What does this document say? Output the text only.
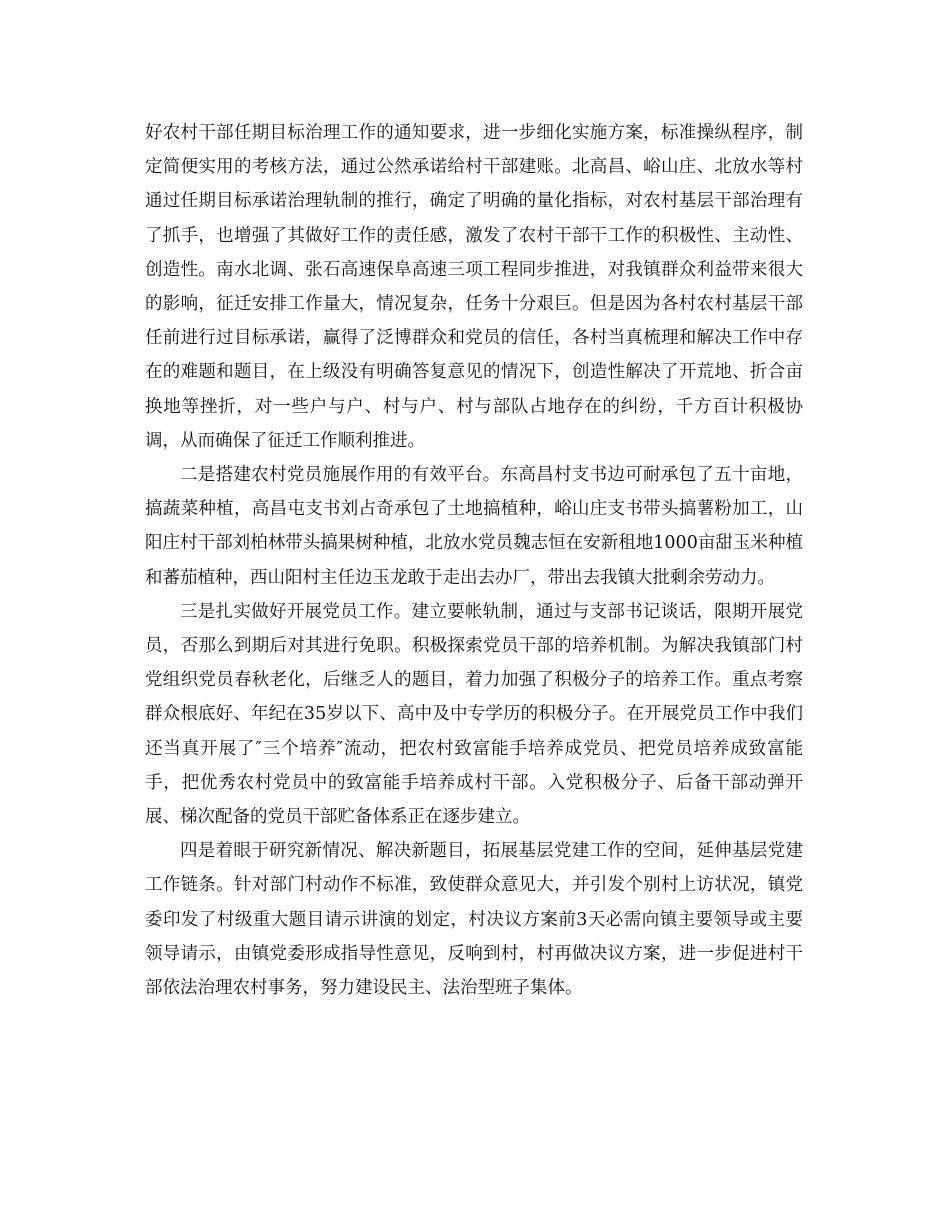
好农村干部任期目标治理工作的通知要求，进一步细化实施方案，标准操纵程序，制定简便实用的考核方法，通过公然承诺给村干部建账。北高昌、峪山庄、北放水等村通过任期目标承诺治理轨制的推行，确定了明确的量化指标，对农村基层干部治理有了抓手，也增强了其做好工作的责任感，激发了农村干部干工作的积极性、主动性、创造性。南水北调、张石高速保阜高速三项工程同步推进，对我镇群众利益带来很大的影响，征迁安排工作量大，情况复杂，任务十分艰巨。但是因为各村农村基层干部任前进行过目标承诺，赢得了泛博群众和党员的信任，各村当真梳理和解决工作中存在的难题和题目，在上级没有明确答复意见的情况下，创造性解决了开荒地、折合亩换地等挫折，对一些户与户、村与户、村与部队占地存在的纠纷，千方百计积极协调，从而确保了征迁工作顺利推进。

二是搭建农村党员施展作用的有效平台。东高昌村支书边可耐承包了五十亩地，搞蔬菜种植，高昌屯支书刘占奇承包了土地搞植种，峪山庄支书带头搞薯粉加工，山阳庄村干部刘柏林带头搞果树种植，北放水党员魏志恒在安新租地1000亩甜玉米种植和蕃茄植种，西山阳村主任边玉龙敢于走出去办厂，带出去我镇大批剩余劳动力。

三是扎实做好开展党员工作。建立要帐轨制，通过与支部书记谈话，限期开展党员，否那么到期后对其进行免职。积极探索党员干部的培养机制。为解决我镇部门村党组织党员春秋老化，后继乏人的题目，着力加强了积极分子的培养工作。重点考察群众根底好、年纪在35岁以下、高中及中专学历的积极分子。在开展党员工作中我们还当真开展了″三个培养″流动，把农村致富能手培养成党员、把党员培养成致富能手，把优秀农村党员中的致富能手培养成村干部。入党积极分子、后备干部动弹开展、梯次配备的党员干部贮备体系正在逐步建立。

四是着眼于研究新情况、解决新题目，拓展基层党建工作的空间，延伸基层党建工作链条。针对部门村动作不标准，致使群众意见大，并引发个别村上访状况，镇党委印发了村级重大题目请示讲演的划定，村决议方案前3天必需向镇主要领导或主要领导请示，由镇党委形成指导性意见，反响到村，村再做决议方案，进一步促进村干部依法治理农村事务，努力建设民主、法治型班子集体。
